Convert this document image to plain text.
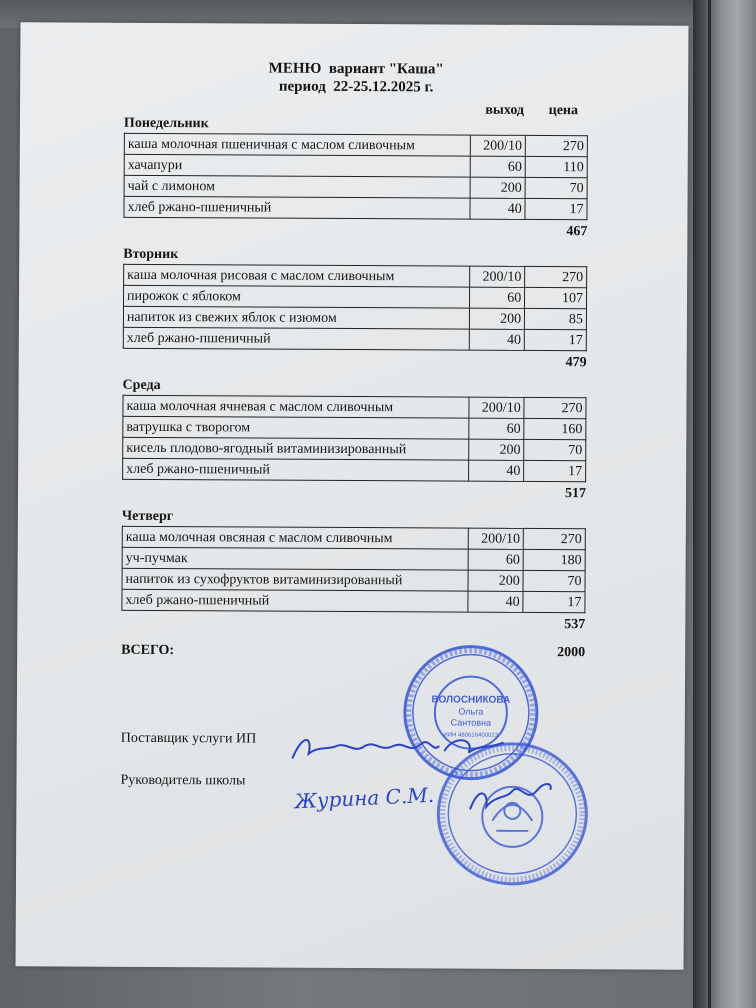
МЕНЮ  вариант "Каша"
период  22-25.12.2025 г.
выход цена
Понедельник
каша молочная пшеничная с маслом сливочным	200/10	270
хачапури	60	110
чай с лимоном	200	70
хлеб ржано-пшеничный	40	17
467
Вторник
каша молочная рисовая с маслом сливочным	200/10	270
пирожок с яблоком	60	107
напиток из свежих яблок с изюмом	200	85
хлеб ржано-пшеничный	40	17
479
Среда
каша молочная ячневая с маслом сливочным	200/10	270
ватрушка с творогом	60	160
кисель плодово-ягодный витаминизированный	200	70
хлеб ржано-пшеничный	40	17
517
Четверг
каша молочная овсяная с маслом сливочным	200/10	270
уч-пучмак	60	180
напиток из сухофруктов витаминизированный	200	70
хлеб ржано-пшеничный	40	17
537
ВСЕГО:	2000
Поставщик услуги ИП
Руководитель школы
ВОЛОСНИКОВА
Ольга
Сантовна
ИИН 480616400023
Журина С.М.
